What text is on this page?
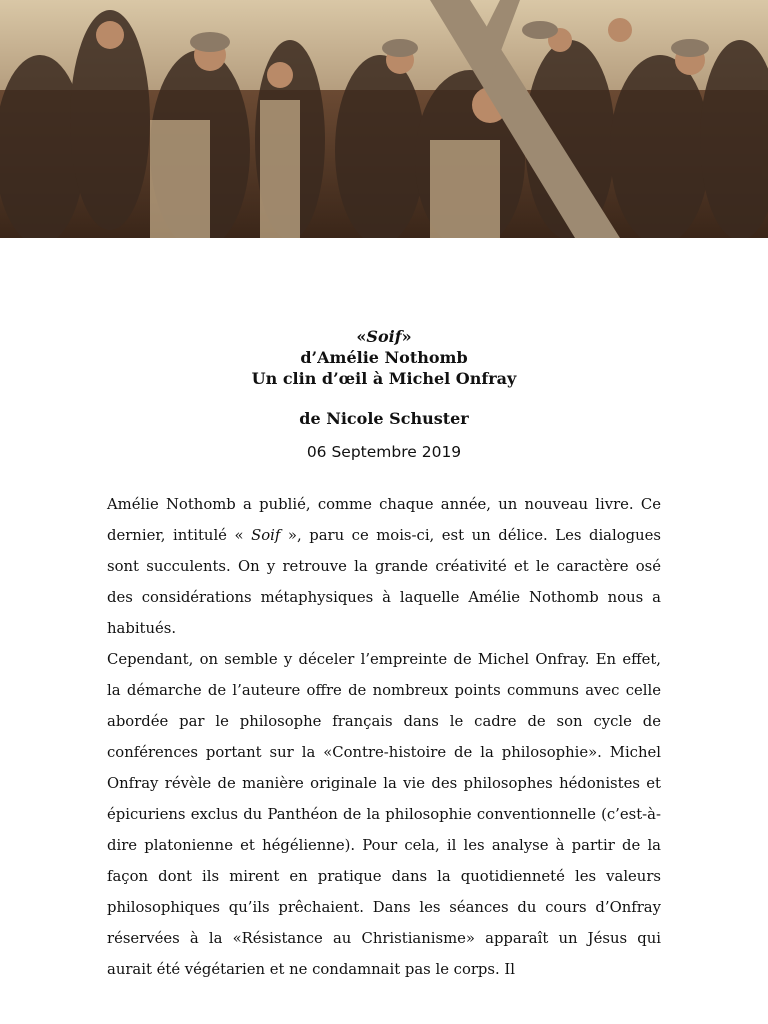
«Soif»
d’Amélie Nothomb
Un clin d’œil à Michel Onfray
de Nicole Schuster
06 Septembre 2019

Amélie Nothomb a publié, comme chaque année, un nouveau livre. Ce dernier, intitulé « Soif », paru ce mois-ci, est un délice. Les dialogues sont succulents. On y retrouve la grande créativité et le caractère osé des considérations métaphysiques à laquelle Amélie Nothomb nous a habitués.

Cependant, on semble y déceler l’empreinte de Michel Onfray. En effet, la démarche de l’auteure offre de nombreux points communs avec celle abordée par le philosophe français dans le cadre de son cycle de conférences portant sur la «Contre-histoire de la philosophie». Michel Onfray révèle de manière originale la vie des philosophes hédonistes et épicuriens exclus du Panthéon de la philosophie conventionnelle (c’est-à-dire platonienne et hégélienne). Pour cela, il les analyse à partir de la façon dont ils mirent en pratique dans la quotidienneté les valeurs philosophiques qu’ils prêchaient. Dans les séances du cours d’Onfray réservées à la «Résistance au Christianisme» apparaît un Jésus qui aurait été végétarien et ne condamnait pas le corps. Il
